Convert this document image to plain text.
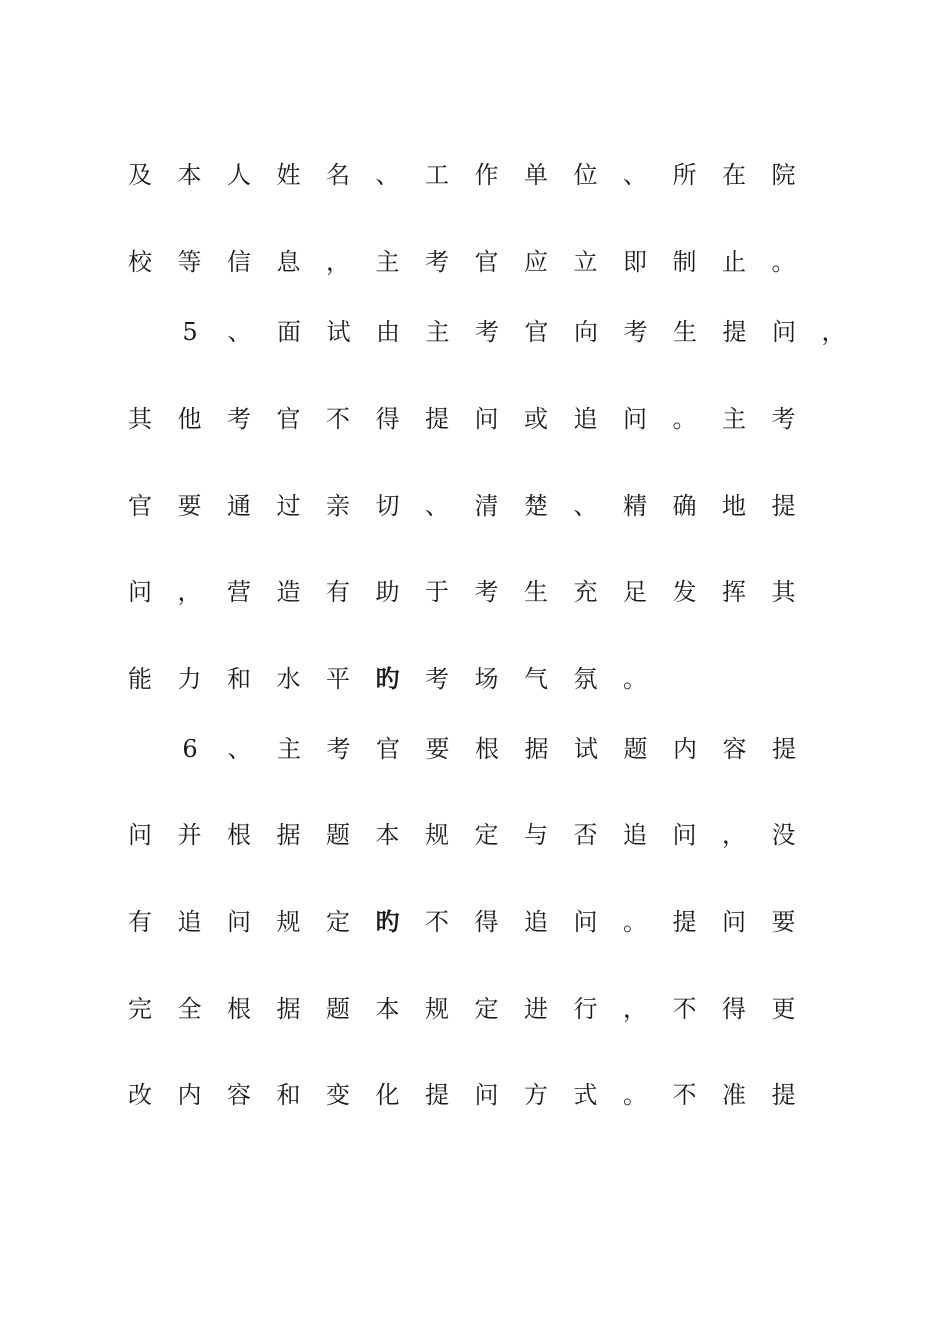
及	本	人	姓	名	、	工	作	单	位	、	所	在	院
校	等	信	息	，	主	考	官	应	立	即	制	止	。
5	、	面	试	由	主	考	官	向	考	生	提	问	，
其	他	考	官	不	得	提	问	或	追	问	。	主	考
官	要	通	过	亲	切	、	清	楚	、	精	确	地	提
问	，	营	造	有	助	于	考	生	充	足	发	挥	其
能	力	和	水	平	旳	考	场	气	氛	。
6	、	主	考	官	要	根	据	试	题	内	容	提
问	并	根	据	题	本	规	定	与	否	追	问	，	没
有	追	问	规	定	旳	不	得	追	问	。	提	问	要
完	全	根	据	题	本	规	定	进	行	，	不	得	更
改	内	容	和	变	化	提	问	方	式	。	不	准	提
